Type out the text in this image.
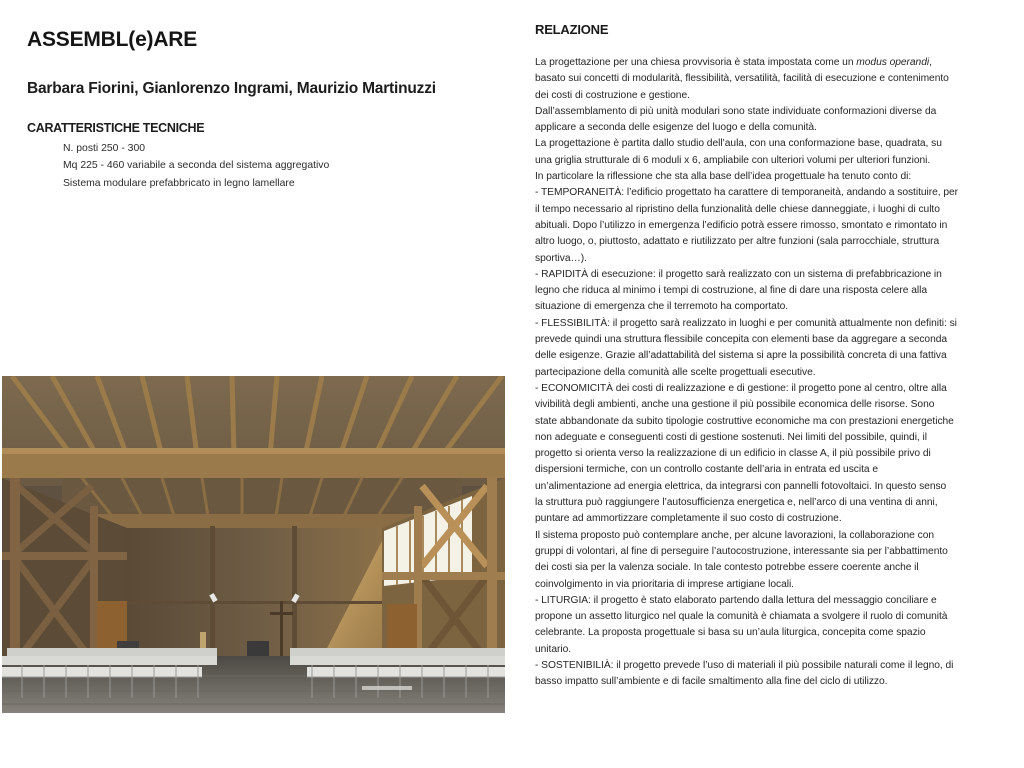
ASSEMBL(e)ARE
Barbara Fiorini, Gianlorenzo Ingrami, Maurizio Martinuzzi
CARATTERISTICHE TECNICHE
N. posti 250 - 300
Mq 225 - 460 variabile a seconda del sistema aggregativo
Sistema modulare prefabbricato in legno lamellare
RELAZIONE

La progettazione per una chiesa provvisoria è stata impostata come un modus operandi,

basato sui concetti di modularità, flessibilità, versatilità, facilità di esecuzione e contenimento

dei costi di costruzione e gestione.

Dall’assemblamento di più unità modulari sono state individuate conformazioni diverse da

applicare a seconda delle esigenze del luogo e della comunità.

La progettazione è partita dallo studio dell’aula, con una conformazione base, quadrata, su

una griglia strutturale di 6 moduli x 6, ampliabile con ulteriori volumi per ulteriori funzioni.

In particolare la riflessione che sta alla base dell’idea progettuale ha tenuto conto di:

- TEMPORANEITÀ: l’edificio progettato ha carattere di temporaneità, andando a sostituire, per

il tempo necessario al ripristino della funzionalità delle chiese danneggiate, i luoghi di culto

abituali. Dopo l’utilizzo in emergenza l’edificio potrà essere rimosso, smontato e rimontato in

altro luogo, o, piuttosto, adattato e riutilizzato per altre funzioni (sala parrocchiale, struttura

sportiva…).

- RAPIDITÀ di esecuzione: il progetto sarà realizzato con un sistema di prefabbricazione in

legno che riduca al minimo i tempi di costruzione, al fine di dare una risposta celere alla

situazione di emergenza che il terremoto ha comportato.

- FLESSIBILITÀ: il progetto sarà realizzato in luoghi e per comunità attualmente non definiti: si

prevede quindi una struttura flessibile concepita con elementi base da aggregare a seconda

delle esigenze. Grazie all’adattabilità del sistema si apre la possibilità concreta di una fattiva

partecipazione della comunità alle scelte progettuali esecutive.

- ECONOMICITÀ dei costi di realizzazione e di gestione: il progetto pone al centro, oltre alla

vivibilità degli ambienti, anche una gestione il più possibile economica delle risorse. Sono

state abbandonate da subito tipologie costruttive economiche ma con prestazioni energetiche

non adeguate e conseguenti costi di gestione sostenuti. Nei limiti del possibile, quindi, il

progetto si orienta verso la realizzazione di un edificio in classe A, il più possibile privo di

dispersioni termiche, con un controllo costante dell’aria in entrata ed uscita e

un’alimentazione ad energia elettrica, da integrarsi con pannelli fotovoltaici. In questo senso

la struttura può raggiungere l’autosufficienza energetica e, nell’arco di una ventina di anni,

puntare ad ammortizzare completamente il suo costo di costruzione.

Il sistema proposto può contemplare anche, per alcune lavorazioni, la collaborazione con

gruppi di volontari, al fine di perseguire l’autocostruzione, interessante sia per l’abbattimento

dei costi sia per la valenza sociale. In tale contesto potrebbe essere coerente anche il

coinvolgimento in via prioritaria di imprese artigiane locali.

- LITURGIA: il progetto è stato elaborato partendo dalla lettura del messaggio conciliare e

propone un assetto liturgico nel quale la comunità è chiamata a svolgere il ruolo di comunità

celebrante. La proposta progettuale si basa su un’aula liturgica, concepita come spazio

unitario.

- SOSTENIBILIÀ: il progetto prevede l’uso di materiali il più possibile naturali come il legno, di

basso impatto sull’ambiente e di facile smaltimento alla fine del ciclo di utilizzo.
